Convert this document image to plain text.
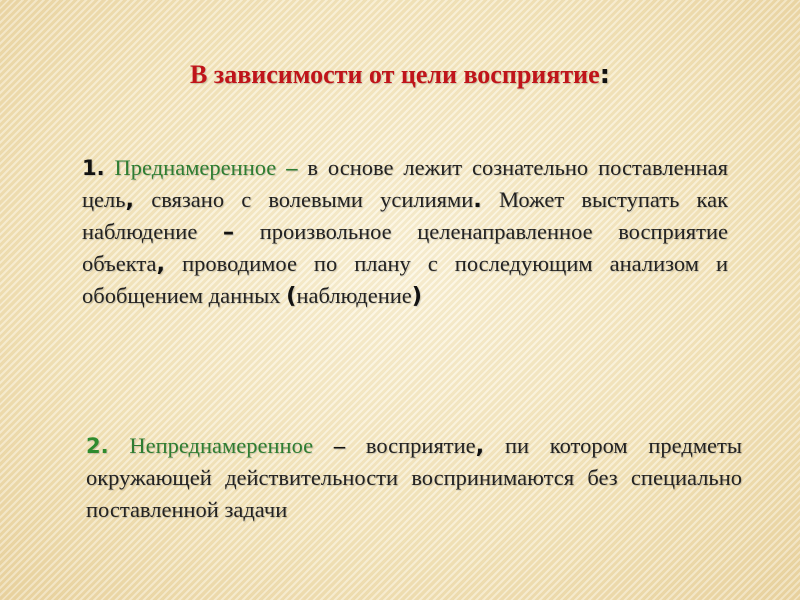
В зависимости от цели восприятие:

1. Преднамеренное – в основе лежит сознательно поставленная цель, связано с волевыми усилиями. Может выступать как наблюдение – произвольное целенаправленное восприятие объекта, проводимое по плану с последующим анализом и обобщением данных (наблюдение)

2. Непреднамеренное – восприятие, пи котором предметы окружающей действительности воспринимаются без специально поставленной задачи
